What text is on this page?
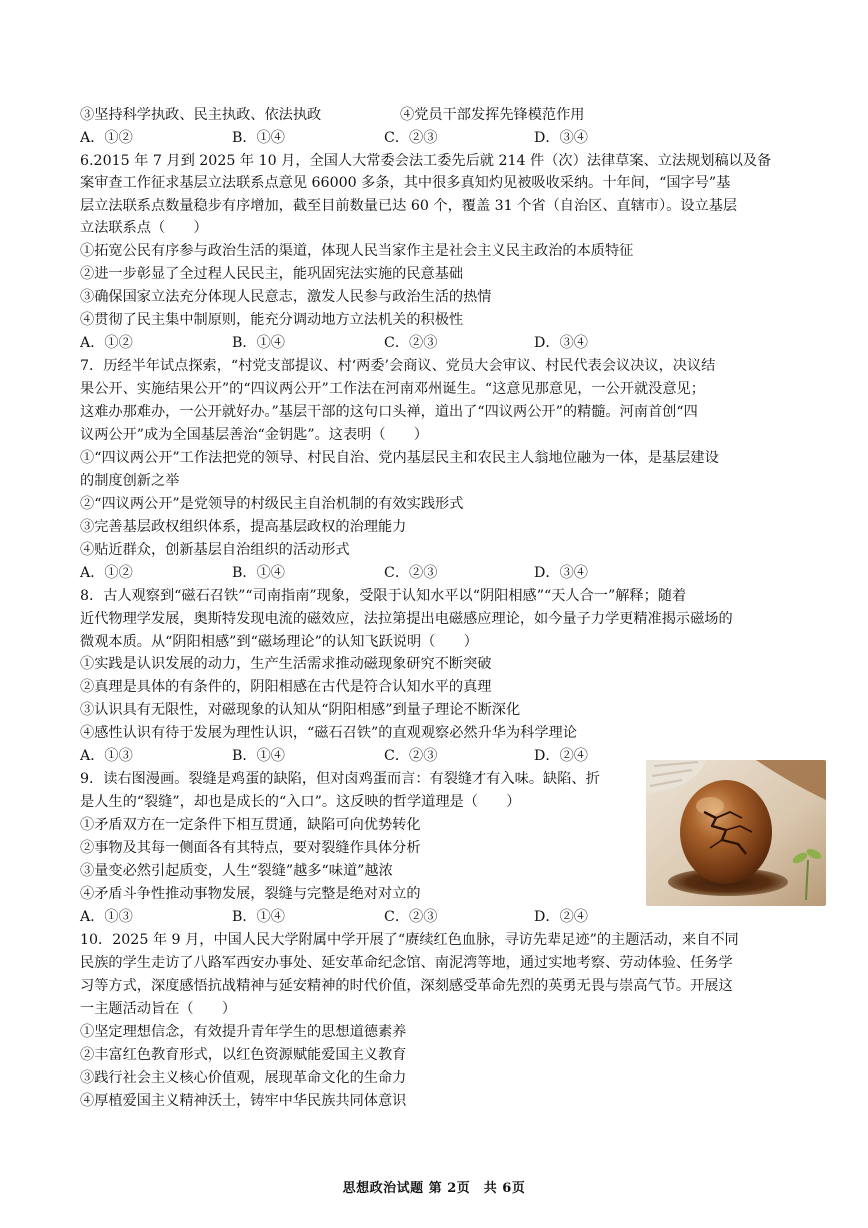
③坚持科学执政、民主执政、依法执政	④党员干部发挥先锋模范作用
A．①②	B．①④	C．②③	D．③④
6.2015 年 7 月到 2025 年 10 月，全国人大常委会法工委先后就 214 件（次）法律草案、立法规划稿以及备
案审查工作征求基层立法联系点意见 66000 多条，其中很多真知灼见被吸收采纳。十年间，“国字号”基
层立法联系点数量稳步有序增加，截至目前数量已达 60 个，覆盖 31 个省（自治区、直辖市）。设立基层
立法联系点（　　）
①拓宽公民有序参与政治生活的渠道，体现人民当家作主是社会主义民主政治的本质特征
②进一步彰显了全过程人民民主，能巩固宪法实施的民意基础
③确保国家立法充分体现人民意志，激发人民参与政治生活的热情
④贯彻了民主集中制原则，能充分调动地方立法机关的积极性
A．①②	B．①④	C．②③	D．③④
7．历经半年试点探索，“村党支部提议、村‘两委’会商议、党员大会审议、村民代表会议决议，决议结
果公开、实施结果公开”的“四议两公开”工作法在河南邓州诞生。“这意见那意见，一公开就没意见；
这难办那难办，一公开就好办。”基层干部的这句口头禅，道出了“四议两公开”的精髓。河南首创“四
议两公开”成为全国基层善治“金钥匙”。这表明（　　）
①“四议两公开”工作法把党的领导、村民自治、党内基层民主和农民主人翁地位融为一体，是基层建设
的制度创新之举
②“四议两公开”是党领导的村级民主自治机制的有效实践形式
③完善基层政权组织体系，提高基层政权的治理能力
④贴近群众，创新基层自治组织的活动形式
A．①②	B．①④	C．②③	D．③④
8．古人观察到“磁石召铁”“司南指南”现象，受限于认知水平以“阴阳相感”“天人合一”解释；随着
近代物理学发展，奥斯特发现电流的磁效应，法拉第提出电磁感应理论，如今量子力学更精准揭示磁场的
微观本质。从“阴阳相感”到“磁场理论”的认知飞跃说明（　　）
①实践是认识发展的动力，生产生活需求推动磁现象研究不断突破
②真理是具体的有条件的，阴阳相感在古代是符合认知水平的真理
③认识具有无限性，对磁现象的认知从“阴阳相感”到量子理论不断深化
④感性认识有待于发展为理性认识，“磁石召铁”的直观观察必然升华为科学理论
A．①③	B．①④	C．②③	D．②④
9．读右图漫画。裂缝是鸡蛋的缺陷，但对卤鸡蛋而言：有裂缝才有入味。缺陷、折
是人生的“裂缝”，却也是成长的“入口”。这反映的哲学道理是（　　）
①矛盾双方在一定条件下相互贯通，缺陷可向优势转化
②事物及其每一侧面各有其特点，要对裂缝作具体分析
③量变必然引起质变，人生“裂缝”越多“味道”越浓
④矛盾斗争性推动事物发展，裂缝与完整是绝对对立的
A．①③	B．①④	C．②③	D．②④
10．2025 年 9 月，中国人民大学附属中学开展了“赓续红色血脉，寻访先辈足迹”的主题活动，来自不同
民族的学生走访了八路军西安办事处、延安革命纪念馆、南泥湾等地，通过实地考察、劳动体验、任务学
习等方式，深度感悟抗战精神与延安精神的时代价值，深刻感受革命先烈的英勇无畏与崇高气节。开展这
一主题活动旨在（　　）
①坚定理想信念，有效提升青年学生的思想道德素养
②丰富红色教育形式，以红色资源赋能爱国主义教育
③践行社会主义核心价值观，展现革命文化的生命力
④厚植爱国主义精神沃土，铸牢中华民族共同体意识
思想政治试题 第 2页　共 6页
